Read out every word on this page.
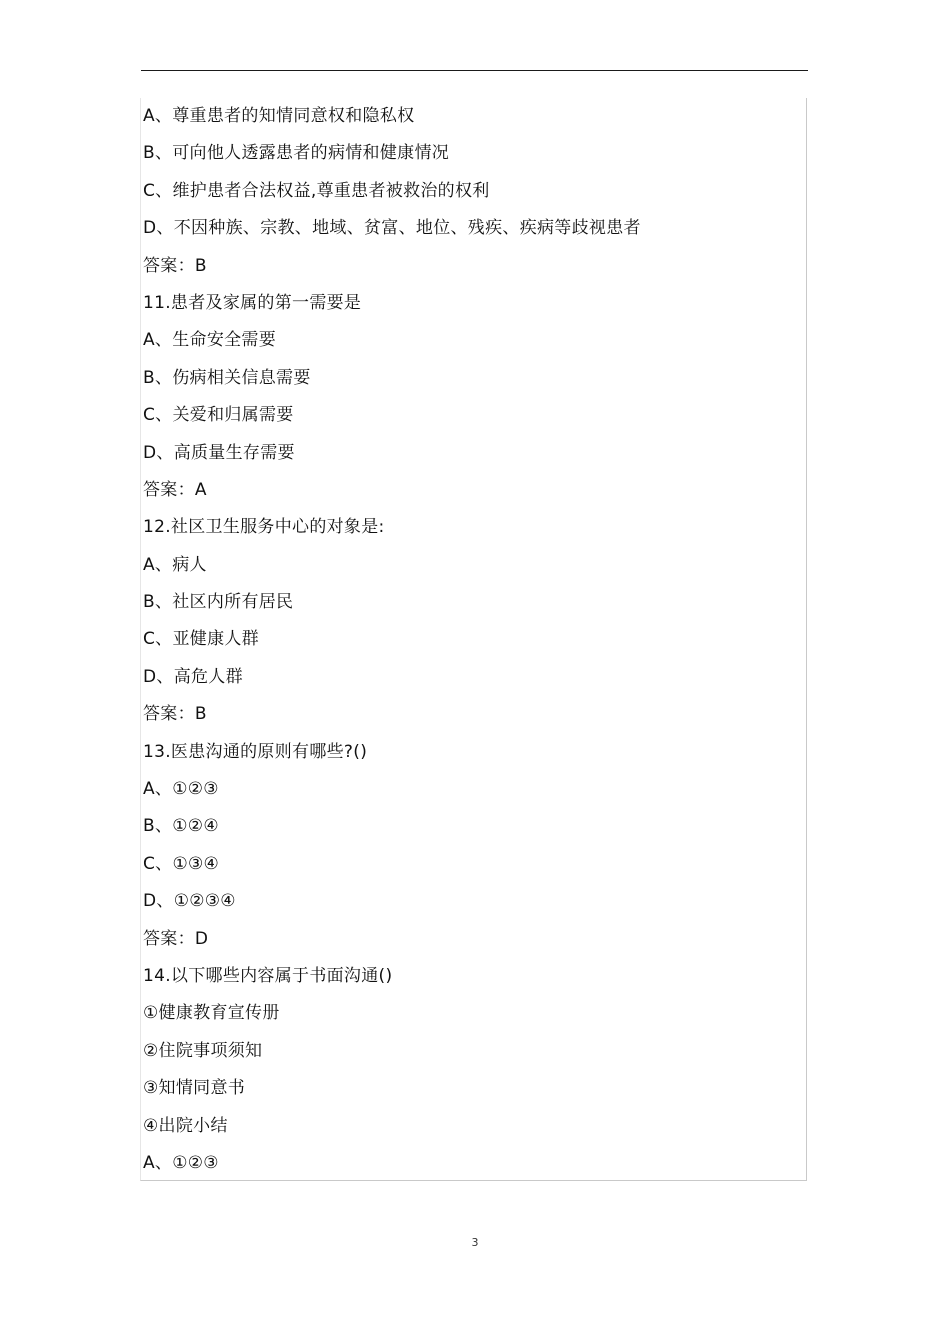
A、尊重患者的知情同意权和隐私权
B、可向他人透露患者的病情和健康情况
C、维护患者合法权益,尊重患者被救治的权利
D、不因种族、宗教、地域、贫富、地位、残疾、疾病等歧视患者
答案：B
11.患者及家属的第一需要是
A、生命安全需要
B、伤病相关信息需要
C、关爱和归属需要
D、高质量生存需要
答案：A
12.社区卫生服务中心的对象是:
A、病人
B、社区内所有居民
C、亚健康人群
D、高危人群
答案：B
13.医患沟通的原则有哪些?()
A、①②③
B、①②④
C、①③④
D、①②③④
答案：D
14.以下哪些内容属于书面沟通()
①健康教育宣传册
②住院事项须知
③知情同意书
④出院小结
A、①②③
3
